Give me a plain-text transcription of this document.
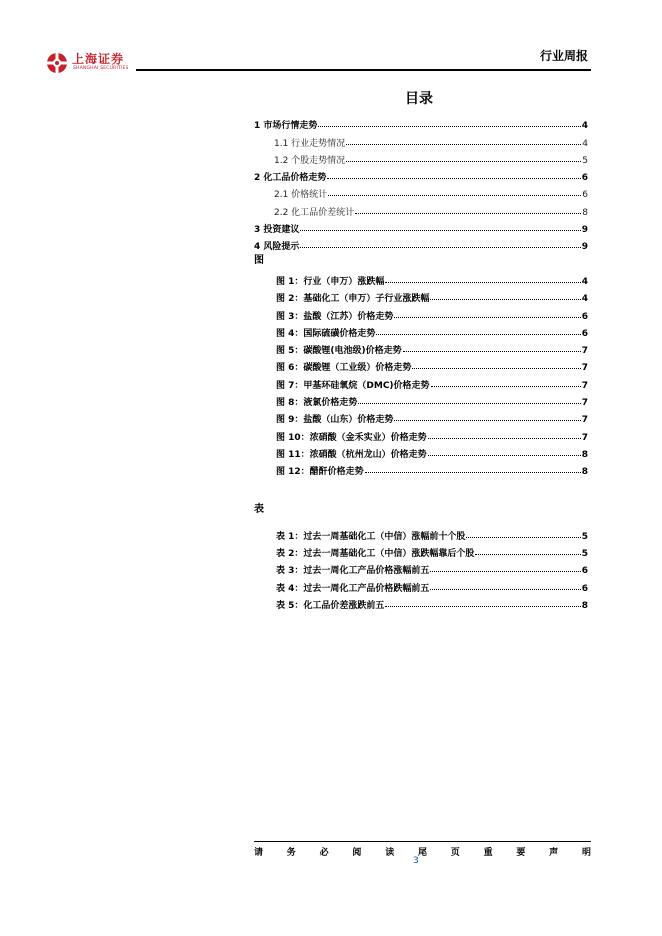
上海证券
SHANGHAI SECURITIES
行业周报
目录
1 市场行情走势	4
1.1 行业走势情况	4
1.2 个股走势情况	5
2 化工品价格走势	6
2.1 价格统计	6
2.2 化工品价差统计	8
3 投资建议	9
4 风险提示	9
图
图 1：行业（申万）涨跌幅	4
图 2：基础化工（申万）子行业涨跌幅	4
图 3：盐酸（江苏）价格走势	6
图 4：国际硫磺价格走势	6
图 5：碳酸锂(电池级)价格走势	7
图 6：碳酸锂（工业级）价格走势	7
图 7：甲基环硅氧烷（DMC)价格走势	7
图 8：液氯价格走势	7
图 9：盐酸（山东）价格走势	7
图 10：浓硝酸（金禾实业）价格走势	7
图 11：浓硝酸（杭州龙山）价格走势	8
图 12：醋酐价格走势	8
表
表 1：过去一周基础化工（中信）涨幅前十个股	5
表 2：过去一周基础化工（中信）涨跌幅靠后个股	5
表 3：过去一周化工产品价格涨幅前五	6
表 4：过去一周化工产品价格跌幅前五	6
表 5：化工品价差涨跌前五	8
请	务	必	阅	读	尾	页	重	要	声	明
3
